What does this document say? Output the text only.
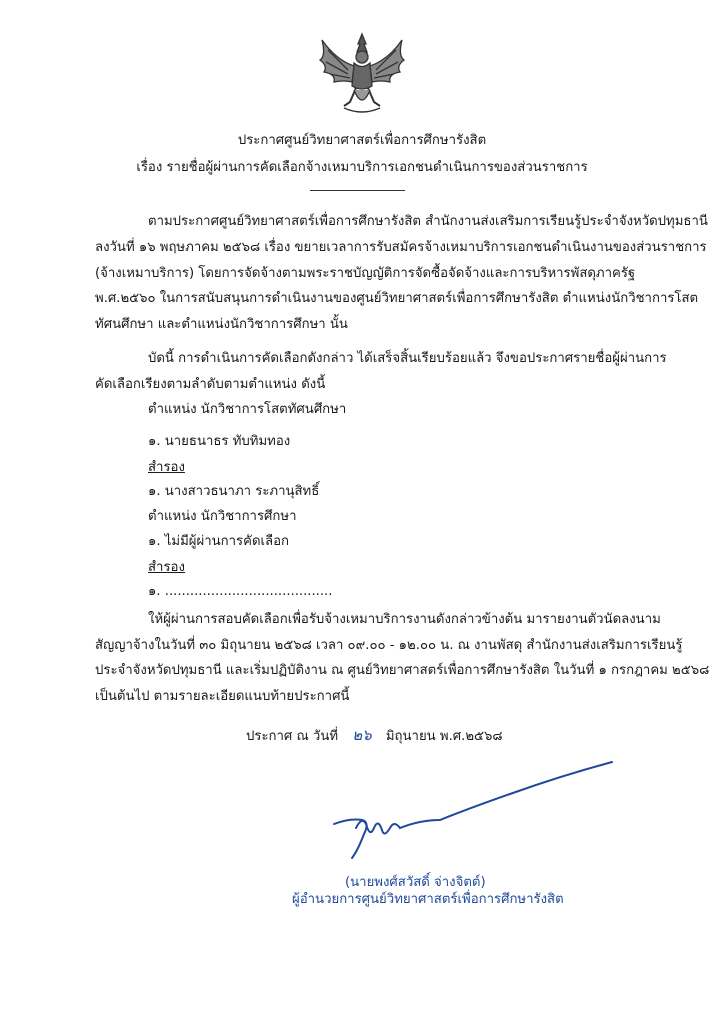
ประกาศศูนย์วิทยาศาสตร์เพื่อการศึกษารังสิต
เรื่อง รายชื่อผู้ผ่านการคัดเลือกจ้างเหมาบริการเอกชนดำเนินการของส่วนราชการ
ตามประกาศศูนย์วิทยาศาสตร์เพื่อการศึกษารังสิต สำนักงานส่งเสริมการเรียนรู้ประจำจังหวัดปทุมธานี
ลงวันที่ ๑๖ พฤษภาคม ๒๕๖๘ เรื่อง ขยายเวลาการรับสมัครจ้างเหมาบริการเอกชนดำเนินงานของส่วนราชการ
(จ้างเหมาบริการ) โดยการจัดจ้างตามพระราชบัญญัติการจัดซื้อจัดจ้างและการบริหารพัสดุภาครัฐ
พ.ศ.๒๕๖๐ ในการสนับสนุนการดำเนินงานของศูนย์วิทยาศาสตร์เพื่อการศึกษารังสิต ตำแหน่งนักวิชาการโสต
ทัศนศึกษา และตำแหน่งนักวิชาการศึกษา นั้น
บัดนี้ การดำเนินการคัดเลือกดังกล่าว ได้เสร็จสิ้นเรียบร้อยแล้ว จึงขอประกาศรายชื่อผู้ผ่านการ
คัดเลือกเรียงตามลำดับตามตำแหน่ง ดังนี้
ตำแหน่ง นักวิชาการโสตทัศนศึกษา
๑. นายธนาธร ทับทิมทอง
สำรอง
๑. นางสาวธนาภา ระภานุสิทธิ์
ตำแหน่ง นักวิชาการศึกษา
๑. ไม่มีผู้ผ่านการคัดเลือก
สำรอง
๑. ........................................
ให้ผู้ผ่านการสอบคัดเลือกเพื่อรับจ้างเหมาบริการงานดังกล่าวข้างต้น มารายงานตัวนัดลงนาม
สัญญาจ้างในวันที่ ๓๐ มิถุนายน ๒๕๖๘ เวลา ๐๙.๐๐ - ๑๒.๐๐ น. ณ งานพัสดุ สำนักงานส่งเสริมการเรียนรู้
ประจำจังหวัดปทุมธานี และเริ่มปฏิบัติงาน ณ ศูนย์วิทยาศาสตร์เพื่อการศึกษารังสิต ในวันที่ ๑ กรกฎาคม ๒๕๖๘
เป็นต้นไป ตามรายละเอียดแนบท้ายประกาศนี้
ประกาศ ณ วันที่ ๒๖ มิถุนายน พ.ศ.๒๕๖๘
(นายพงศ์สวัสดิ์ จ่างจิตต์)
ผู้อำนวยการศูนย์วิทยาศาสตร์เพื่อการศึกษารังสิต
